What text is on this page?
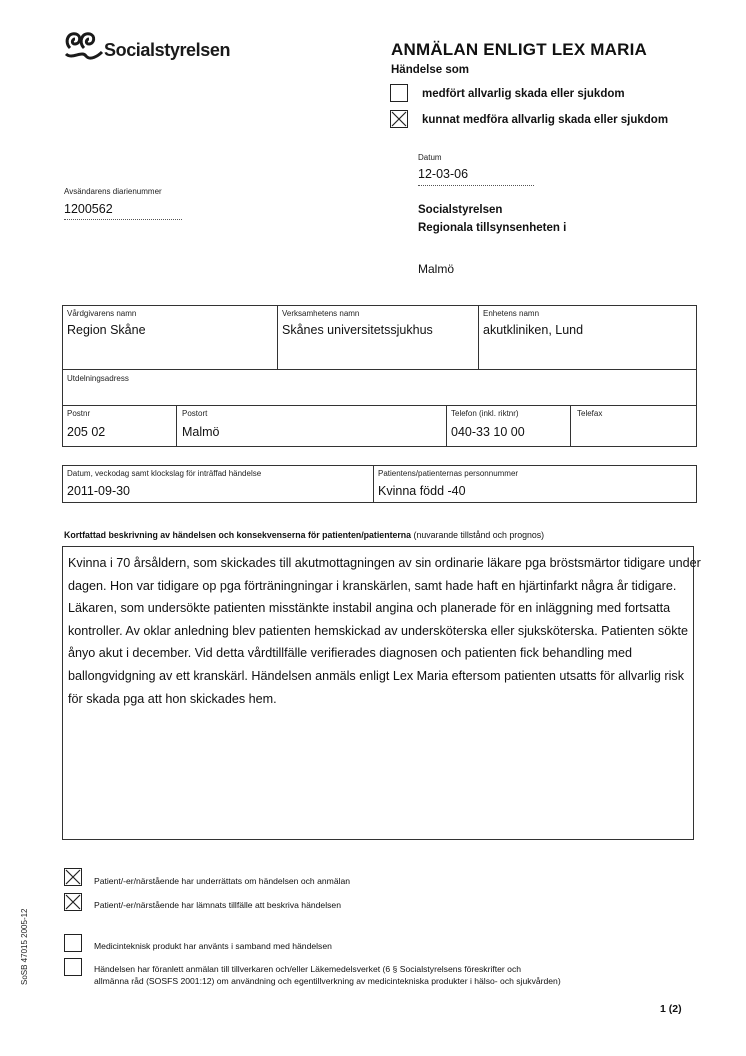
Socialstyrelsen	ANMÄLAN ENLIGT LEX MARIA
Händelse som
medfört allvarlig skada eller sjukdom
kunnat medföra allvarlig skada eller sjukdom
Datum
12-03-06
Avsändarens diarienummer
1200562	Socialstyrelsen
Regionala tillsynsenheten i
Malmö
Vårdgivarens namn
Region Skåne
Verksamhetens namn
Skånes universitetssjukhus
Enhetens namn
akutkliniken, Lund
Utdelningsadress
Postnr
205 02
Postort
Malmö
Telefon (inkl. riktnr)
040-33 10 00
Telefax
Datum, veckodag samt klockslag för inträffad händelse
2011-09-30
Patientens/patienternas personnummer
Kvinna född -40
Kortfattad beskrivning av händelsen och konsekvenserna för patienten/patienterna (nuvarande tillstånd och prognos)
Kvinna i 70 årsåldern, som skickades till akutmottagningen av sin ordinarie läkare pga bröstsmärtor tidigare under
dagen. Hon var tidigare op pga förträningningar i kranskärlen, samt hade haft en hjärtinfarkt några år tidigare.
Läkaren, som undersökte patienten misstänkte instabil angina och planerade för en inläggning med fortsatta
kontroller. Av oklar anledning blev patienten hemskickad av undersköterska eller sjuksköterska. Patienten sökte
ånyo akut i december. Vid detta vårdtillfälle verifierades diagnosen och patienten fick behandling med
ballongvidgning av ett kranskärl. Händelsen anmäls enligt Lex Maria eftersom patienten utsatts för allvarlig risk
för skada pga att hon skickades hem.
Patient/-er/närstående har underrättats om händelsen och anmälan
Patient/-er/närstående har lämnats tillfälle att beskriva händelsen
Medicinteknisk produkt har använts i samband med händelsen
Händelsen har föranlett anmälan till tillverkaren och/eller Läkemedelsverket (6 § Socialstyrelsens föreskrifter och
allmänna råd (SOSFS 2001:12) om användning och egentillverkning av medicintekniska produkter i hälso- och sjukvården)
SoSB 47015 2005-12
1 (2)
